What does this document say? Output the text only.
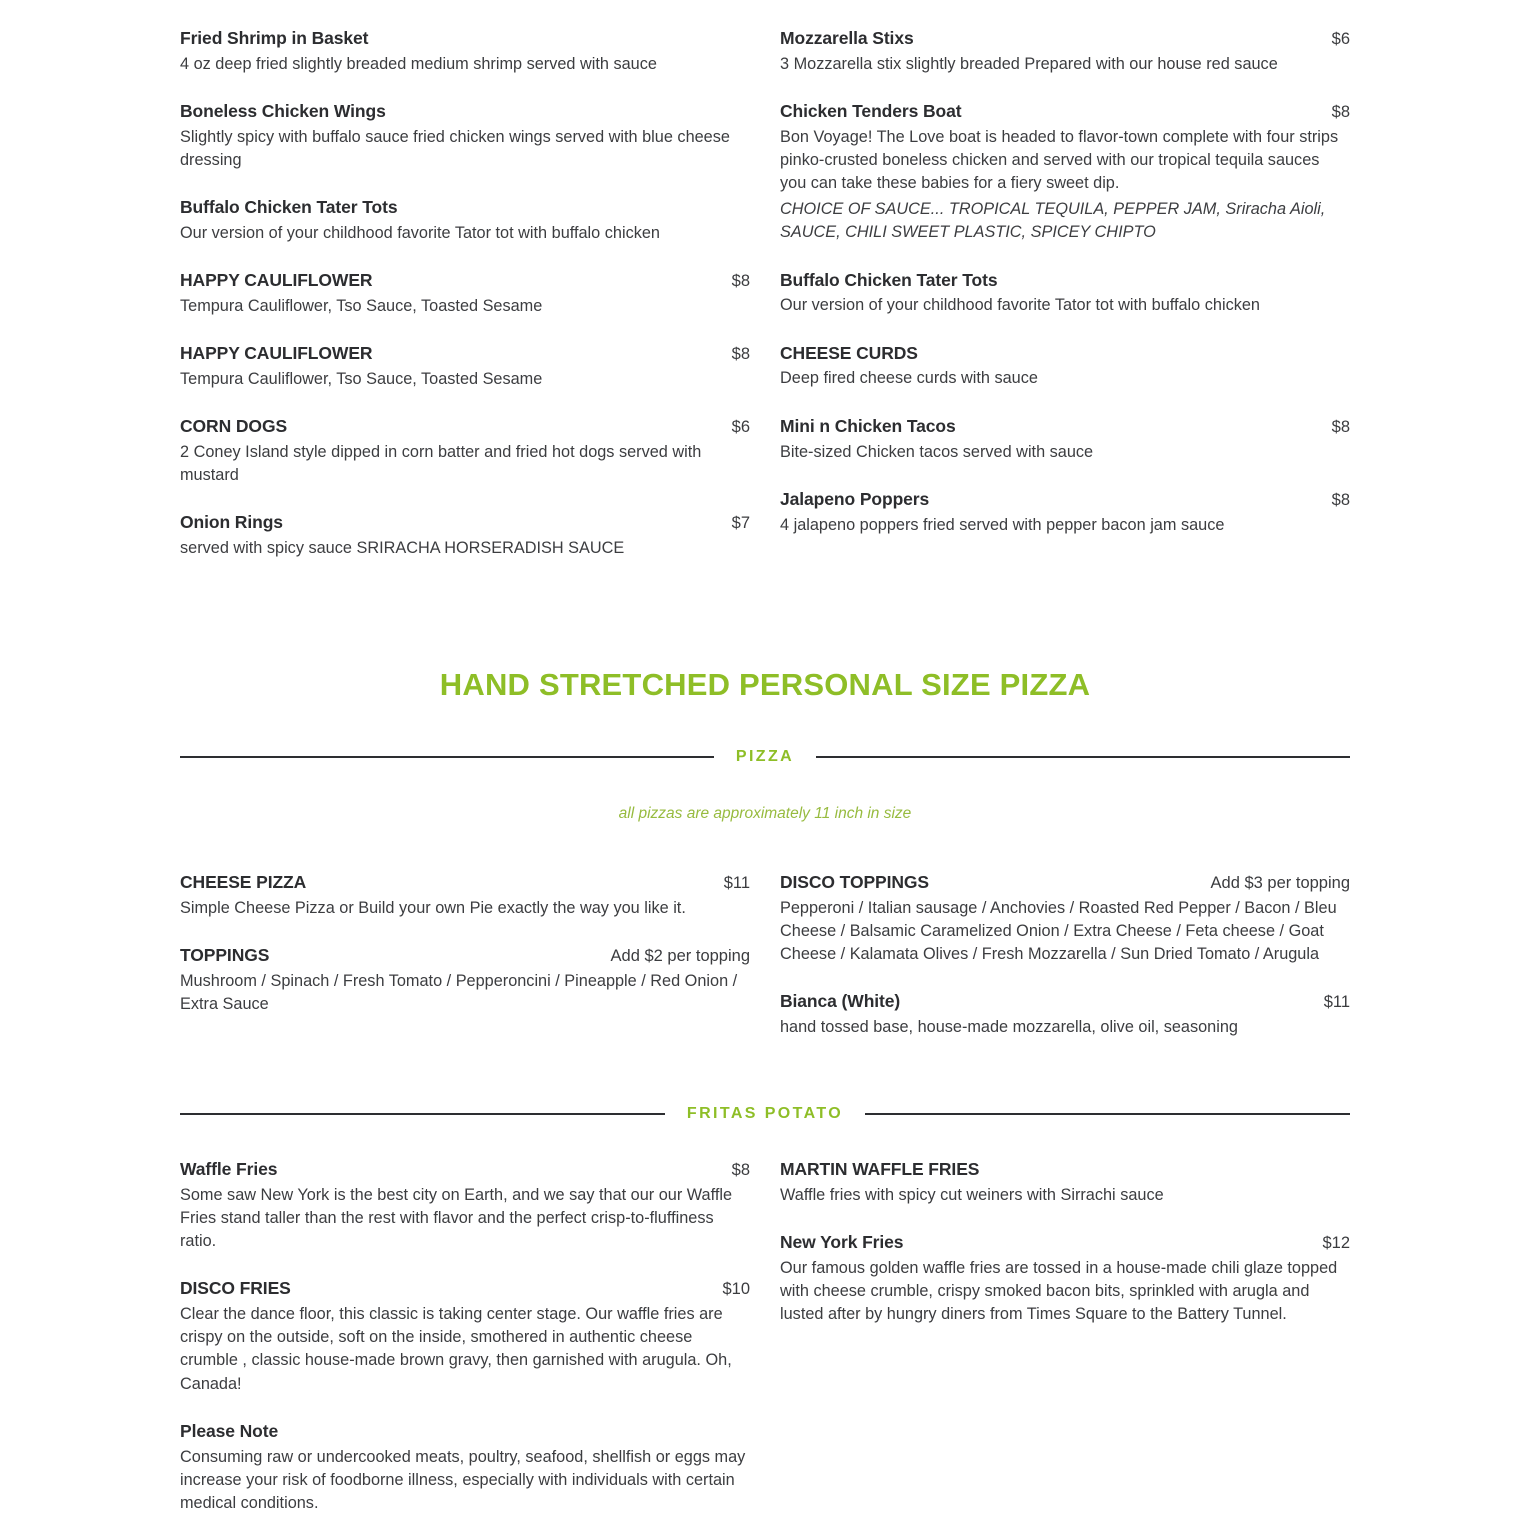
Fried Shrimp in Basket
4 oz deep fried slightly breaded medium shrimp served with sauce
Boneless Chicken Wings
Slightly spicy with buffalo sauce fried chicken wings served with blue cheese dressing
Buffalo Chicken Tater Tots
Our version of your childhood favorite Tator tot with buffalo chicken
HAPPY CAULIFLOWER	$8
Tempura Cauliflower, Tso Sauce, Toasted Sesame
HAPPY CAULIFLOWER	$8
Tempura Cauliflower, Tso Sauce, Toasted Sesame
CORN DOGS	$6
2 Coney Island style dipped in corn batter and fried hot dogs served with mustard
Onion Rings	$7
served with spicy sauce SRIRACHA HORSERADISH SAUCE
Mozzarella Stixs	$6
3 Mozzarella stix slightly breaded Prepared with our house red sauce
Chicken Tenders Boat	$8
Bon Voyage! The Love boat is headed to flavor-town complete with four strips pinko-crusted boneless chicken and served with our tropical tequila sauces you can take these babies for a fiery sweet dip.
CHOICE OF SAUCE... TROPICAL TEQUILA, PEPPER JAM, Sriracha Aioli, SAUCE, CHILI SWEET PLASTIC, SPICEY CHIPTO
Buffalo Chicken Tater Tots
Our version of your childhood favorite Tator tot with buffalo chicken
CHEESE CURDS
Deep fired cheese curds with sauce
Mini n Chicken Tacos	$8
Bite-sized Chicken tacos served with sauce
Jalapeno Poppers	$8
4 jalapeno poppers fried served with pepper bacon jam sauce
HAND STRETCHED PERSONAL SIZE PIZZA
PIZZA
all pizzas are approximately 11 inch in size
CHEESE PIZZA	$11
Simple Cheese Pizza or Build your own Pie exactly the way you like it.
TOPPINGS	Add $2 per topping
Mushroom / Spinach / Fresh Tomato / Pepperoncini / Pineapple / Red Onion / Extra Sauce
DISCO TOPPINGS	Add $3 per topping
Pepperoni / Italian sausage / Anchovies / Roasted Red Pepper / Bacon / Bleu Cheese / Balsamic Caramelized Onion / Extra Cheese / Feta cheese / Goat Cheese / Kalamata Olives / Fresh Mozzarella / Sun Dried Tomato / Arugula
Bianca (White)	$11
hand tossed base, house-made mozzarella, olive oil, seasoning
FRITAS POTATO
Waffle Fries	$8
Some saw New York is the best city on Earth, and we say that our our Waffle Fries stand taller than the rest with flavor and the perfect crisp-to-fluffiness ratio.
DISCO FRIES	$10
Clear the dance floor, this classic is taking center stage. Our waffle fries are crispy on the outside, soft on the inside, smothered in authentic cheese crumble , classic house-made brown gravy, then garnished with arugula. Oh, Canada!
Please Note
Consuming raw or undercooked meats, poultry, seafood, shellfish or eggs may increase your risk of foodborne illness, especially with individuals with certain medical conditions.
MARTIN WAFFLE FRIES
Waffle fries with spicy cut weiners with Sirrachi sauce
New York Fries	$12
Our famous golden waffle fries are tossed in a house-made chili glaze topped with cheese crumble, crispy smoked bacon bits, sprinkled with arugla and lusted after by hungry diners from Times Square to the Battery Tunnel.
